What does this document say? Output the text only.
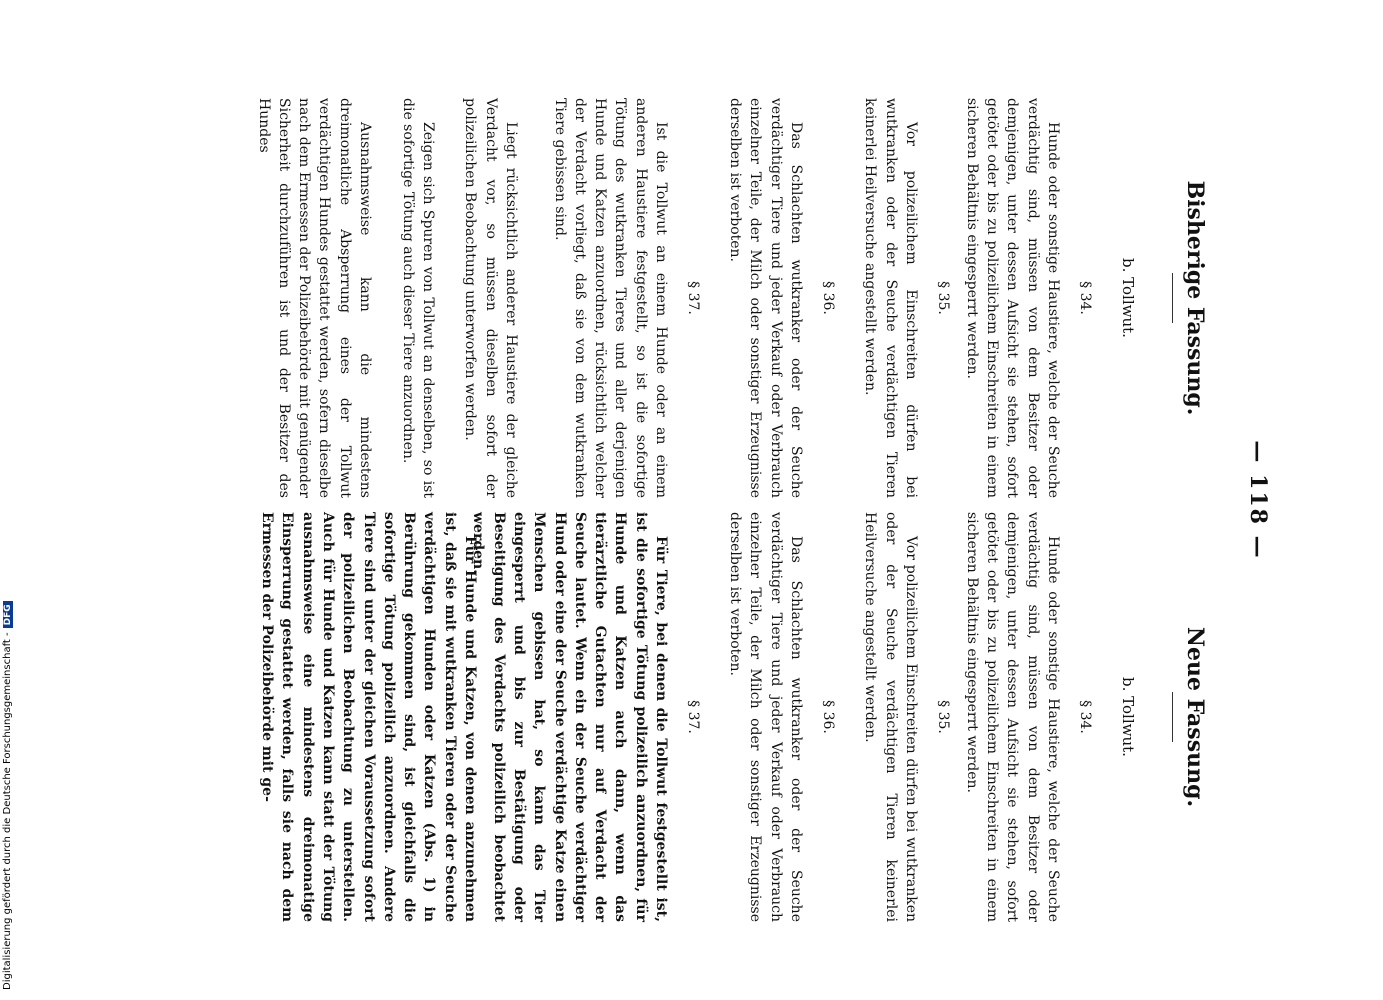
— 118 —
Bisherige Fassung.
b. Tollwut.
§ 34.

Hunde oder sonstige Haustiere, welche der Seuche verdächtig sind, müssen von dem Besitzer oder demjenigen, unter dessen Aufsicht sie stehen, sofort getötet oder bis zu polizeilichem Einschreiten in einem sicheren Behältnis eingesperrt werden.

§ 35.

Vor polizeilichem Einschreiten dürfen bei wutkranken oder der Seuche verdächtigen Tieren keinerlei Heilversuche angestellt werden.

§ 36.

Das Schlachten wutkranker oder der Seuche verdächtiger Tiere und jeder Verkauf oder Verbrauch einzelner Teile, der Milch oder sonstiger Erzeugnisse derselben ist verboten.

§ 37.

Ist die Tollwut an einem Hunde oder an einem anderen Haustiere festgestellt, so ist die sofortige Tötung des wutkranken Tieres und aller derjenigen Hunde und Katzen anzuordnen, rücksichtlich welcher der Verdacht vorliegt, daß sie von dem wutkranken Tiere gebissen sind.

Liegt rücksichtlich anderer Haustiere der gleiche Verdacht vor, so müssen dieselben sofort der polizeilichen Beobachtung unterworfen werden.

Zeigen sich Spuren von Tollwut an denselben, so ist die sofortige Tötung auch dieser Tiere anzuordnen.

Ausnahmsweise kann die mindestens dreimonatliche Absperrung eines der Tollwut verdächtigen Hundes gestattet werden, sofern dieselbe nach dem Ermessen der Polizeibehörde mit genügender Sicherheit durchzuführen ist und der Besitzer des Hundes

Neue Fassung.
b. Tollwut.
§ 34.

Hunde oder sonstige Haustiere, welche der Seuche verdächtig sind, müssen von dem Besitzer oder demjenigen, unter dessen Aufsicht sie stehen, sofort getötet oder bis zu polizeilichem Einschreiten in einem sicheren Behältnis eingesperrt werden.

§ 35.

Vor polizeilichem Einschreiten dürfen bei wutkranken oder der Seuche verdächtigen Tieren keinerlei Heilversuche angestellt werden.

§ 36.

Das Schlachten wutkranker oder der Seuche verdächtiger Tiere und jeder Verkauf oder Verbrauch einzelner Teile, der Milch oder sonstiger Erzeugnisse derselben ist verboten.

§ 37.

Für Tiere, bei denen die Tollwut festgestellt ist, ist die sofortige Tötung polizeilich anzuordnen, für Hunde und Katzen auch dann, wenn das tierärztliche Gutachten nur auf Verdacht der Seuche lautet. Wenn ein der Seuche verdächtiger Hund oder eine der Seuche verdächtige Katze einen Menschen gebissen hat, so kann das Tier eingesperrt und bis zur Bestätigung oder Beseitigung des Verdachts polizeilich beobachtet werden.

Für Hunde und Katzen, von denen anzunehmen ist, daß sie mit wutkranken Tieren oder der Seuche verdächtigen Hunden oder Katzen (Abs. 1) in Berührung gekommen sind, ist gleichfalls die sofortige Tötung polizeilich anzuordnen. Andere Tiere sind unter der gleichen Voraussetzung sofort der polizeilichen Beobachtung zu unterstellen. Auch für Hunde und Katzen kann statt der Tötung ausnahmsweise eine mindestens dreimonatige Einsperrung gestattet werden, falls sie nach dem Ermessen der Polizeibehörde mit ge-

Digitalisierung gefördert durch die Deutsche Forschungsgemeinschaft -DFG
